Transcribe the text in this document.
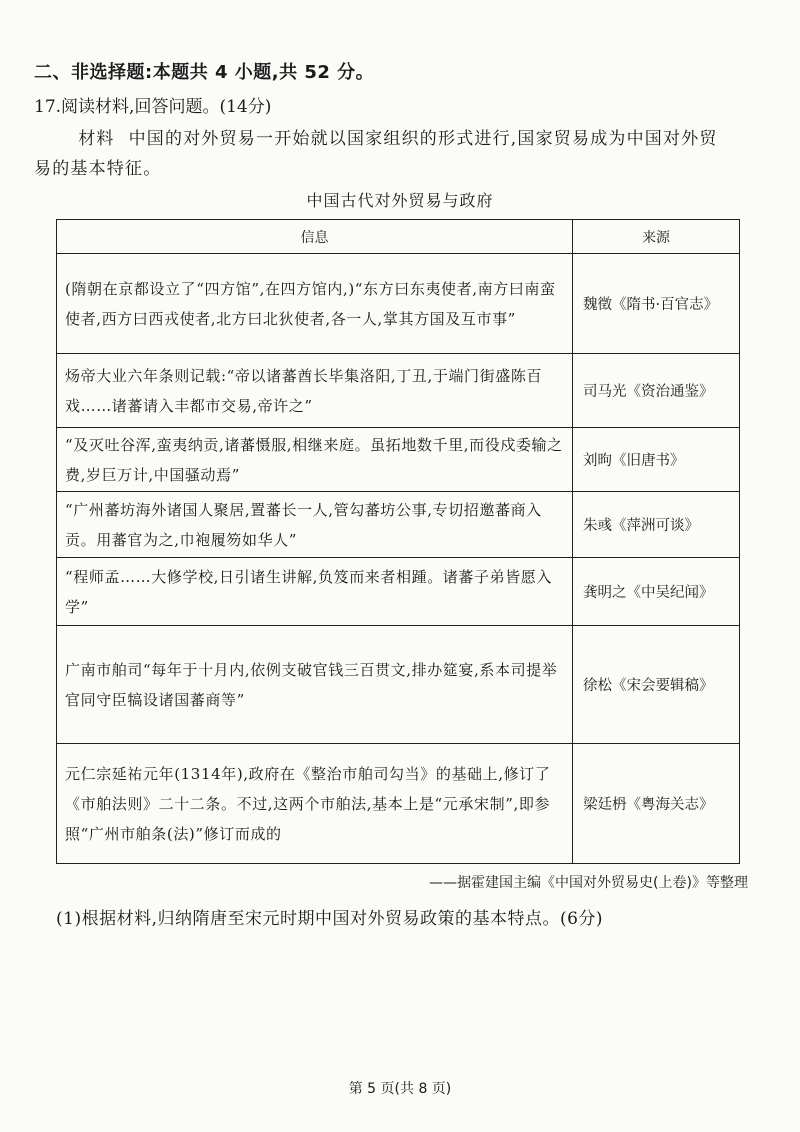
二、非选择题:本题共 4 小题,共 52 分。
17.阅读材料,回答问题。(14分)
材料 中国的对外贸易一开始就以国家组织的形式进行,国家贸易成为中国对外贸易的基本特征。
中国古代对外贸易与政府
信息	来源
(隋朝在京都设立了“四方馆”,在四方馆内,)“东方曰东夷使者,南方曰南蛮使者,西方曰西戎使者,北方曰北狄使者,各一人,掌其方国及互市事”	魏徵《隋书·百官志》
炀帝大业六年条则记载:“帝以诸蕃酋长毕集洛阳,丁丑,于端门街盛陈百戏……诸蕃请入丰都市交易,帝许之”	司马光《资治通鉴》
“及灭吐谷浑,蛮夷纳贡,诸蕃慑服,相继来庭。虽拓地数千里,而役戍委输之费,岁巨万计,中国骚动焉”	刘昫《旧唐书》
“广州蕃坊海外诸国人聚居,置蕃长一人,管勾蕃坊公事,专切招邀蕃商入贡。用蕃官为之,巾袍履笏如华人”	朱彧《萍洲可谈》
“程师孟……大修学校,日引诸生讲解,负笈而来者相踵。诸蕃子弟皆愿入学”	龚明之《中吴纪闻》
广南市舶司“每年于十月内,依例支破官钱三百贯文,排办筵宴,系本司提举官同守臣犒设诸国蕃商等”	徐松《宋会要辑稿》
元仁宗延祐元年(1314年),政府在《整治市舶司勾当》的基础上,修订了《市舶法则》二十二条。不过,这两个市舶法,基本上是“元承宋制”,即参照“广州市舶条(法)”修订而成的	梁廷枬《粤海关志》
——据霍建国主编《中国对外贸易史(上卷)》等整理
(1)根据材料,归纳隋唐至宋元时期中国对外贸易政策的基本特点。(6分)
第 5 页(共 8 页)
